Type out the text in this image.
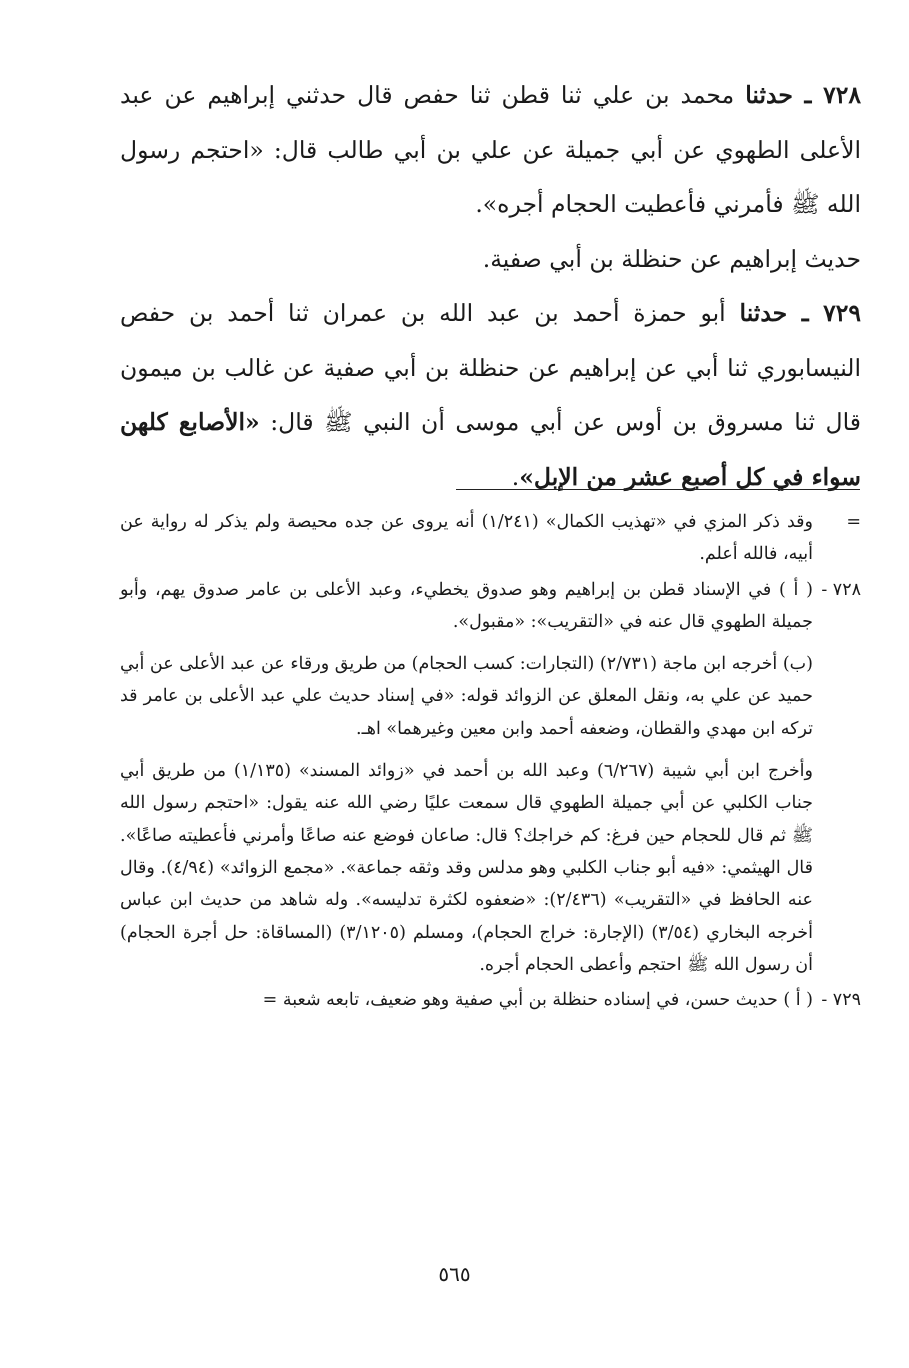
٧٢٨ ـ حدثنا محمد بن علي ثنا قطن ثنا حفص قال حدثني إبراهيم عن عبد الأعلى الطهوي عن أبي جميلة عن علي بن أبي طالب قال: «احتجم رسول الله ﷺ فأمرني فأعطيت الحجام أجره».

حديث إبراهيم عن حنظلة بن أبي صفية.

٧٢٩ ـ حدثنا أبو حمزة أحمد بن عبد الله بن عمران ثنا أحمد بن حفص النيسابوري ثنا أبي عن إبراهيم عن حنظلة بن أبي صفية عن غالب بن ميمون قال ثنا مسروق بن أوس عن أبي موسى أن النبي ﷺ قال: «الأصابع كلهن سواء في كل أصبع عشر من الإبل».

=

وقد ذكر المزي في «تهذيب الكمال» (١/٢٤١) أنه يروى عن جده محيصة ولم يذكر له رواية عن أبيه، فالله أعلم.

٧٢٨ -

( أ ) في الإسناد قطن بن إبراهيم وهو صدوق يخطيء، وعبد الأعلى بن عامر صدوق يهم، وأبو جميلة الطهوي قال عنه في «التقريب»: «مقبول».

(ب) أخرجه ابن ماجة (٢/٧٣١) (التجارات: كسب الحجام) من طريق ورقاء عن عبد الأعلى عن أبي حميد عن علي به، ونقل المعلق عن الزوائد قوله: «في إسناد حديث علي عبد الأعلى بن عامر قد تركه ابن مهدي والقطان، وضعفه أحمد وابن معين وغيرهما» اهـ.

وأخرج ابن أبي شيبة (٦/٢٦٧) وعبد الله بن أحمد في «زوائد المسند» (١/١٣٥) من طريق أبي جناب الكلبي عن أبي جميلة الطهوي قال سمعت عليًا رضي الله عنه يقول: «احتجم رسول الله ﷺ ثم قال للحجام حين فرغ: كم خراجك؟ قال: صاعان فوضع عنه صاعًا وأمرني فأعطيته صاعًا». قال الهيثمي: «فيه أبو جناب الكلبي وهو مدلس وقد وثقه جماعة». «مجمع الزوائد» (٤/٩٤). وقال عنه الحافظ في «التقريب» (٢/٤٣٦): «ضعفوه لكثرة تدليسه». وله شاهد من حديث ابن عباس أخرجه البخاري (٣/٥٤) (الإجارة: خراج الحجام)، ومسلم (٣/١٢٠٥) (المساقاة: حل أجرة الحجام) أن رسول الله ﷺ احتجم وأعطى الحجام أجره.

٧٢٩ -

( أ ) حديث حسن، في إسناده حنظلة بن أبي صفية وهو ضعيف، تابعه شعبة =

٥٦٥
